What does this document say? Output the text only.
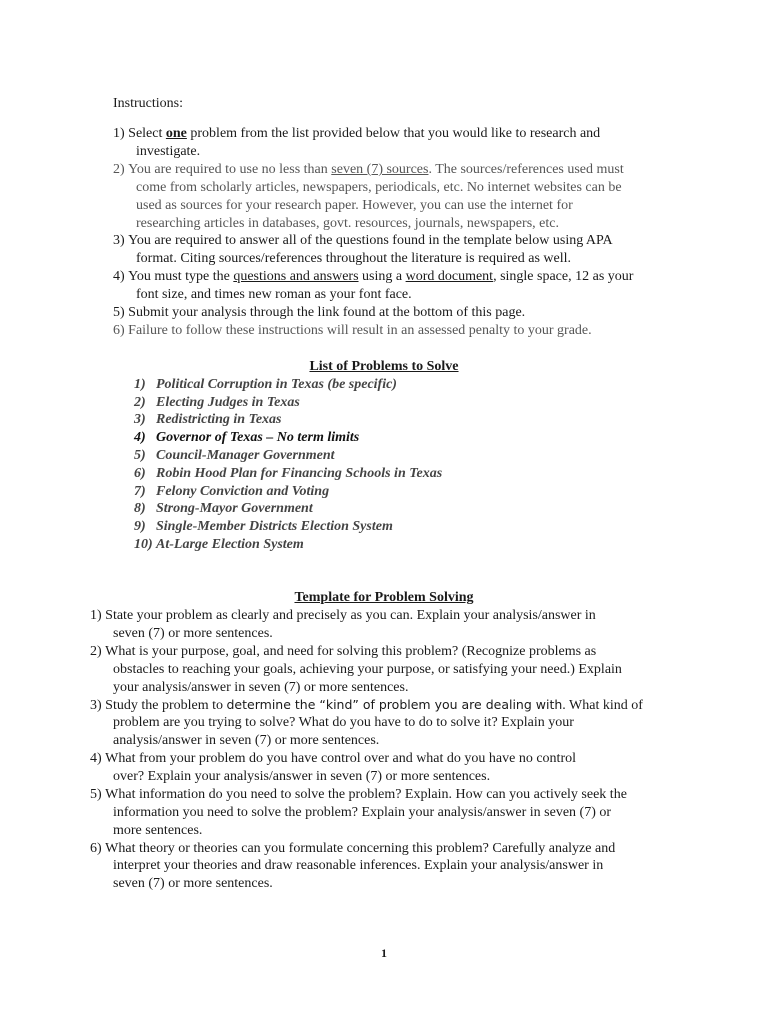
Instructions:
1) Select one problem from the list provided below that you would like to research and
investigate.
2) You are required to use no less than seven (7) sources. The sources/references used must
come from scholarly articles, newspapers, periodicals, etc. No internet websites can be
used as sources for your research paper. However, you can use the internet for
researching articles in databases, govt. resources, journals, newspapers, etc.
3) You are required to answer all of the questions found in the template below using APA
format. Citing sources/references throughout the literature is required as well.
4) You must type the questions and answers using a word document, single space, 12 as your
font size, and times new roman as your font face.
5) Submit your analysis through the link found at the bottom of this page.
6) Failure to follow these instructions will result in an assessed penalty to your grade.
List of Problems to Solve
1) Political Corruption in Texas (be specific)
2) Electing Judges in Texas
3) Redistricting in Texas
4) Governor of Texas – No term limits
5) Council-Manager Government
6) Robin Hood Plan for Financing Schools in Texas
7) Felony Conviction and Voting
8) Strong-Mayor Government
9) Single-Member Districts Election System
10) At-Large Election System
Template for Problem Solving
1) State your problem as clearly and precisely as you can. Explain your analysis/answer in
seven (7) or more sentences.
2) What is your purpose, goal, and need for solving this problem? (Recognize problems as
obstacles to reaching your goals, achieving your purpose, or satisfying your need.) Explain
your analysis/answer in seven (7) or more sentences.
3) Study the problem to determine the “kind” of problem you are dealing with. What kind of
problem are you trying to solve? What do you have to do to solve it? Explain your
analysis/answer in seven (7) or more sentences.
4) What from your problem do you have control over and what do you have no control
over? Explain your analysis/answer in seven (7) or more sentences.
5) What information do you need to solve the problem? Explain. How can you actively seek the
information you need to solve the problem? Explain your analysis/answer in seven (7) or
more sentences.
6) What theory or theories can you formulate concerning this problem? Carefully analyze and
interpret your theories and draw reasonable inferences. Explain your analysis/answer in
seven (7) or more sentences.
1
